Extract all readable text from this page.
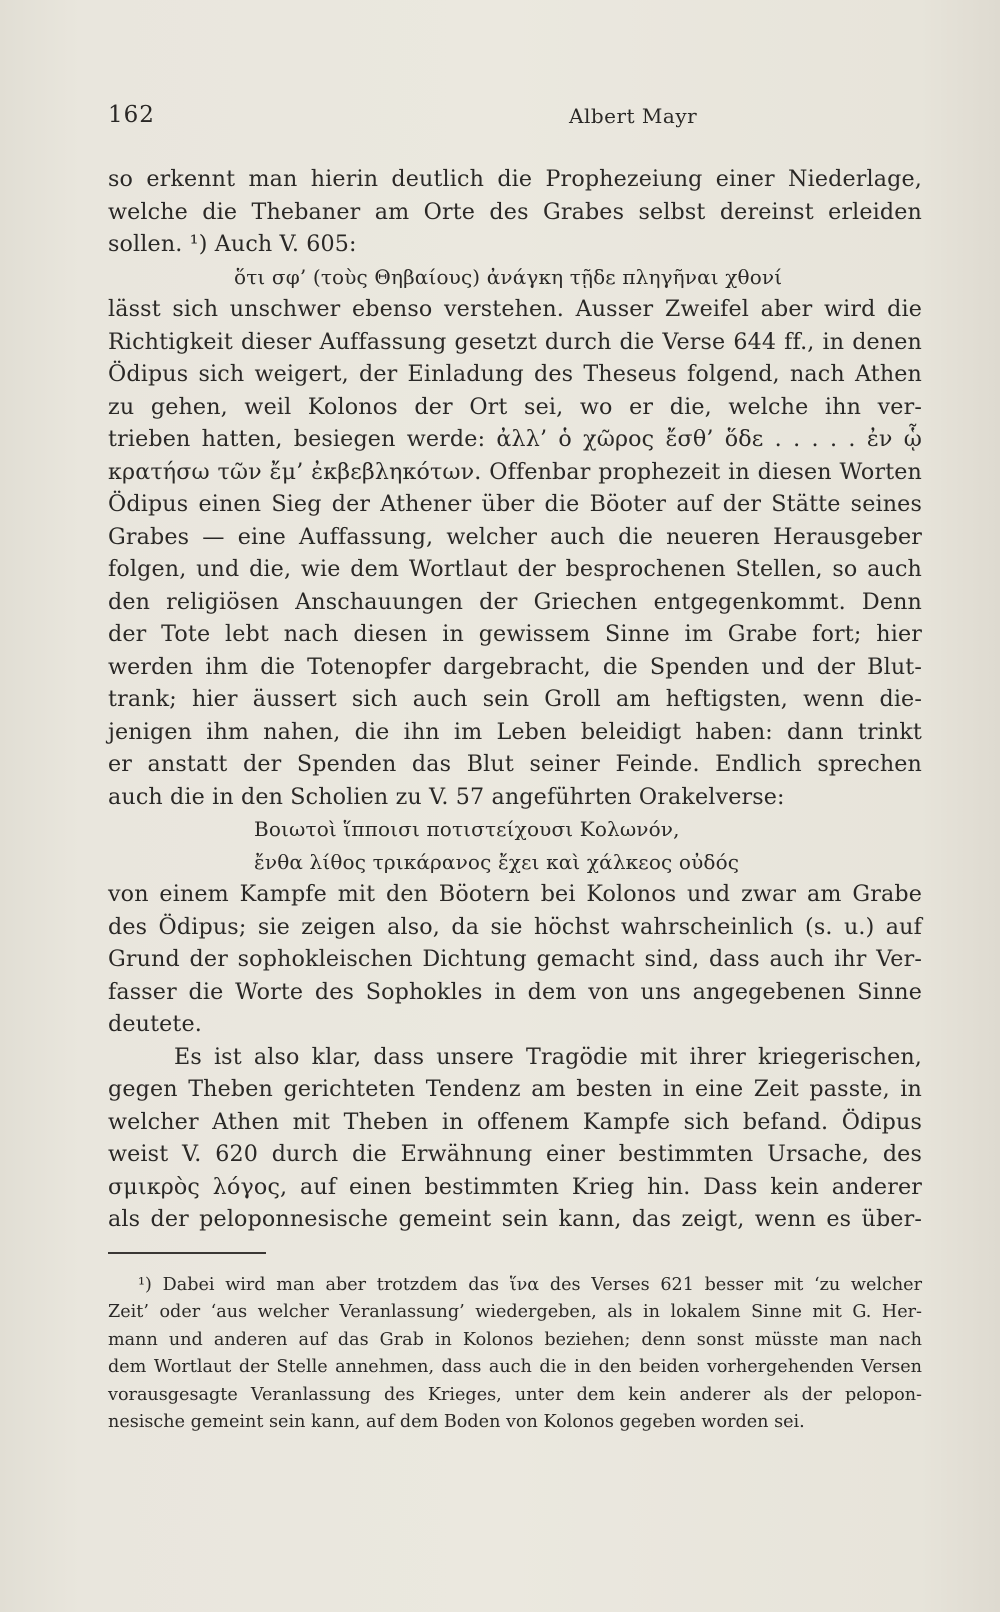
162	Albert Mayr
so erkennt man hierin deutlich die Prophezeiung einer Niederlage,
welche die Thebaner am Orte des Grabes selbst dereinst erleiden
sollen. ¹) Auch V. 605:
ὅτι σφ’ (τοὺς Θηβαίους) ἀνάγκη τῇδε πληγῆναι χθονί
lässt sich unschwer ebenso verstehen. Ausser Zweifel aber wird die
Richtigkeit dieser Auffassung gesetzt durch die Verse 644 ff., in denen
Ödipus sich weigert, der Einladung des Theseus folgend, nach Athen
zu gehen, weil Kolonos der Ort sei, wo er die, welche ihn ver-
trieben hatten, besiegen werde: ἀλλ’ ὁ χῶρος ἔσθ’ ὅδε . . . . . ἐν ᾧ
κρατήσω τῶν ἔμ’ ἐκβεβληκότων. Offenbar prophezeit in diesen Worten
Ödipus einen Sieg der Athener über die Böoter auf der Stätte seines
Grabes — eine Auffassung, welcher auch die neueren Herausgeber
folgen, und die, wie dem Wortlaut der besprochenen Stellen, so auch
den religiösen Anschauungen der Griechen entgegenkommt. Denn
der Tote lebt nach diesen in gewissem Sinne im Grabe fort; hier
werden ihm die Totenopfer dargebracht, die Spenden und der Blut-
trank; hier äussert sich auch sein Groll am heftigsten, wenn die-
jenigen ihm nahen, die ihn im Leben beleidigt haben: dann trinkt
er anstatt der Spenden das Blut seiner Feinde. Endlich sprechen
auch die in den Scholien zu V. 57 angeführten Orakelverse:
Βοιωτοὶ ἵπποισι ποτιστείχουσι Κολωνόν,
ἔνθα λίθος τρικάρανος ἔχει καὶ χάλκεος οὐδός
von einem Kampfe mit den Böotern bei Kolonos und zwar am Grabe
des Ödipus; sie zeigen also, da sie höchst wahrscheinlich (s. u.) auf
Grund der sophokleischen Dichtung gemacht sind, dass auch ihr Ver-
fasser die Worte des Sophokles in dem von uns angegebenen Sinne
deutete.
Es ist also klar, dass unsere Tragödie mit ihrer kriegerischen,
gegen Theben gerichteten Tendenz am besten in eine Zeit passte, in
welcher Athen mit Theben in offenem Kampfe sich befand. Ödipus
weist V. 620 durch die Erwähnung einer bestimmten Ursache, des
σμικρὸς λόγος, auf einen bestimmten Krieg hin. Dass kein anderer
als der peloponnesische gemeint sein kann, das zeigt, wenn es über-
¹) Dabei wird man aber trotzdem das ἵνα des Verses 621 besser mit ‘zu welcher
Zeit’ oder ‘aus welcher Veranlassung’ wiedergeben, als in lokalem Sinne mit G. Her-
mann und anderen auf das Grab in Kolonos beziehen; denn sonst müsste man nach
dem Wortlaut der Stelle annehmen, dass auch die in den beiden vorhergehenden Versen
vorausgesagte Veranlassung des Krieges, unter dem kein anderer als der pelopon-
nesische gemeint sein kann, auf dem Boden von Kolonos gegeben worden sei.
